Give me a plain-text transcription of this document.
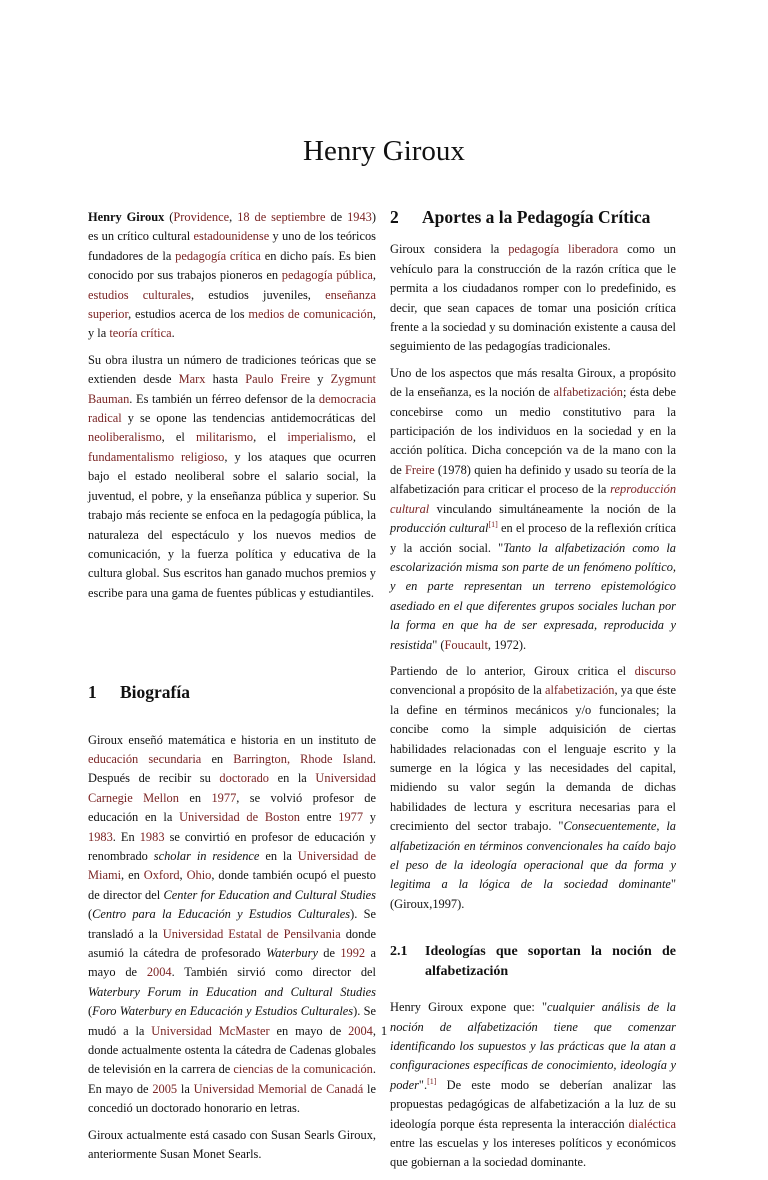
Henry Giroux

Henry Giroux (Providence, 18 de septiembre de 1943) es un crítico cultural estadounidense y uno de los teóricos fundadores de la pedagogía crítica en dicho país. Es bien conocido por sus trabajos pioneros en pedagogía pública, estudios culturales, estudios juveniles, enseñanza superior, estudios acerca de los medios de comunicación, y la teoría crítica.

Su obra ilustra un número de tradiciones teóricas que se extienden desde Marx hasta Paulo Freire y Zygmunt Bauman. Es también un férreo defensor de la democracia radical y se opone las tendencias antidemocráticas del neoliberalismo, el militarismo, el imperialismo, el fundamentalismo religioso, y los ataques que ocurren bajo el estado neoliberal sobre el salario social, la juventud, el pobre, y la enseñanza pública y superior. Su trabajo más reciente se enfoca en la pedagogía pública, la naturaleza del espectáculo y los nuevos medios de comunicación, y la fuerza política y educativa de la cultura global. Sus escritos han ganado muchos premios y escribe para una gama de fuentes públicas y estudiantiles.

1	Biografía

Giroux enseñó matemática e historia en un instituto de educación secundaria en Barrington, Rhode Island. Después de recibir su doctorado en la Universidad Carnegie Mellon en 1977, se volvió profesor de educación en la Universidad de Boston entre 1977 y 1983. En 1983 se convirtió en profesor de educación y renombrado scholar in residence en la Universidad de Miami, en Oxford, Ohio, donde también ocupó el puesto de director del Center for Education and Cultural Studies (Centro para la Educación y Estudios Culturales). Se transladó a la Universidad Estatal de Pensilvania donde asumió la cátedra de profesorado Waterbury de 1992 a mayo de 2004. También sirvió como director del Waterbury Forum in Education and Cultural Studies (Foro Waterbury en Educación y Estudios Culturales). Se mudó a la Universidad McMaster en mayo de 2004, donde actualmente ostenta la cátedra de Cadenas globales de televisión en la carrera de ciencias de la comunicación. En mayo de 2005 la Universidad Memorial de Canadá le concedió un doctorado honorario en letras.

Giroux actualmente está casado con Susan Searls Giroux, anteriormente Susan Monet Searls.

2	Aportes a la Pedagogía Crítica

Giroux considera la pedagogía liberadora como un vehículo para la construcción de la razón crítica que le permita a los ciudadanos romper con lo predefinido, es decir, que sean capaces de tomar una posición crítica frente a la sociedad y su dominación existente a causa del seguimiento de las pedagogías tradicionales.

Uno de los aspectos que más resalta Giroux, a propósito de la enseñanza, es la noción de alfabetización; ésta debe concebirse como un medio constitutivo para la participación de los individuos en la sociedad y en la acción política. Dicha concepción va de la mano con la de Freire (1978) quien ha definido y usado su teoría de la alfabetización para criticar el proceso de la reproducción cultural vinculando simultáneamente la noción de la producción cultural[1] en el proceso de la reflexión crítica y la acción social. "Tanto la alfabetización como la escolarización misma son parte de un fenómeno político, y en parte representan un terreno epistemológico asediado en el que diferentes grupos sociales luchan por la forma en que ha de ser expresada, reproducida y resistida" (Foucault, 1972).

Partiendo de lo anterior, Giroux critica el discurso convencional a propósito de la alfabetización, ya que éste la define en términos mecánicos y/o funcionales; la concibe como la simple adquisición de ciertas habilidades relacionadas con el lenguaje escrito y la sumerge en la lógica y las necesidades del capital, midiendo su valor según la demanda de dichas habilidades de lectura y escritura necesarias para el crecimiento del sector trabajo. "Consecuentemente, la alfabetización en términos convencionales ha caído bajo el peso de la ideología operacional que da forma y legitima a la lógica de la sociedad dominante" (Giroux,1997).

2.1	Ideologías que soportan la noción de alfabetización

Henry Giroux expone que: "cualquier análisis de la noción de alfabetización tiene que comenzar identificando los supuestos y las prácticas que la atan a configuraciones específicas de conocimiento, ideología y poder".[1] De este modo se deberían analizar las propuestas pedagógicas de alfabetización a la luz de su ideología porque ésta representa la interacción dialéctica entre las escuelas y los intereses políticos y económicos que gobiernan a la sociedad dominante.

1
